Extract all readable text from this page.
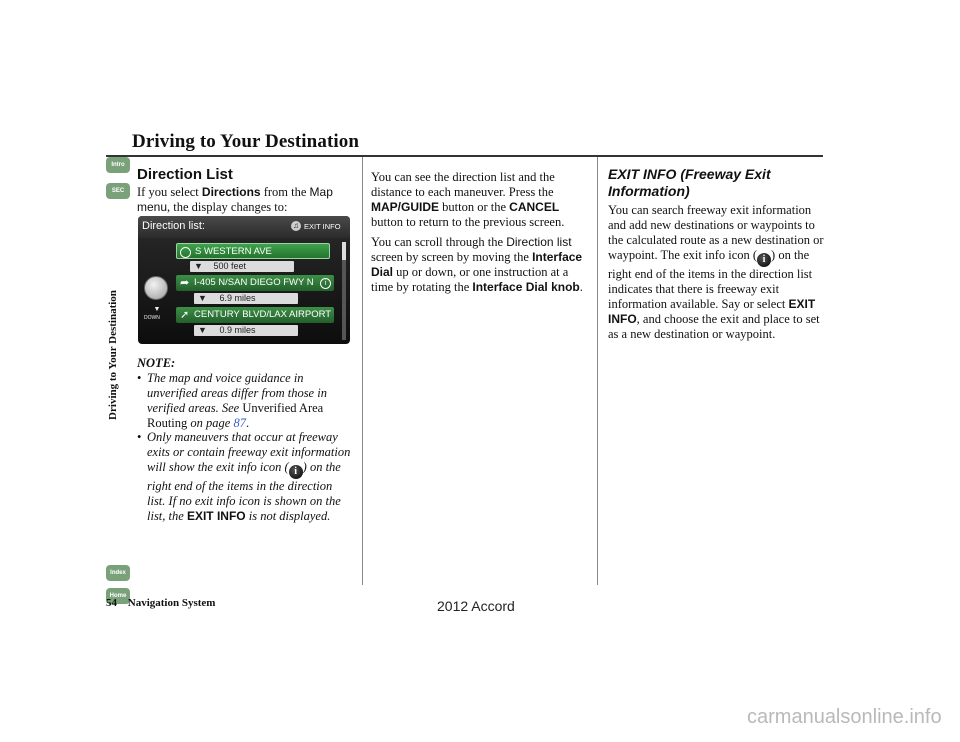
Driving to Your Destination
Intro
SEC
Index
Home
Driving to Your Destination
Direction List
If you select Directions from the Map menu, the display changes to:
Direction list:	♫ EXIT INFO
▼
DOWN
S WESTERN AVE
▼ 500 feet
➦ I-405 N/SAN DIEGO FWY N	i
▼ 6.9 miles
➚ CENTURY BLVD/LAX AIRPORT
▼ 0.9 miles
NOTE:
• The map and voice guidance in unverified areas differ from those in verified areas. See Unverified Area Routing on page 87.
• Only maneuvers that occur at freeway exits or contain freeway exit information will show the exit info icon ( i ) on the right end of the items in the direction list. If no exit info icon is shown on the list, the EXIT INFO is not displayed.
You can see the direction list and the distance to each maneuver. Press the MAP/GUIDE button or the CANCEL button to return to the previous screen.
You can scroll through the Direction list screen by screen by moving the Interface Dial up or down, or one instruction at a time by rotating the Interface Dial knob.
EXIT INFO (Freeway Exit Information)
You can search freeway exit information and add new destinations or waypoints to the calculated route as a new destination or waypoint. The exit info icon ( i ) on the right end of the items in the direction list indicates that there is freeway exit information available. Say or select EXIT INFO, and choose the exit and place to set as a new destination or waypoint.
54 Navigation System	2012 Accord
carmanualsonline.info
